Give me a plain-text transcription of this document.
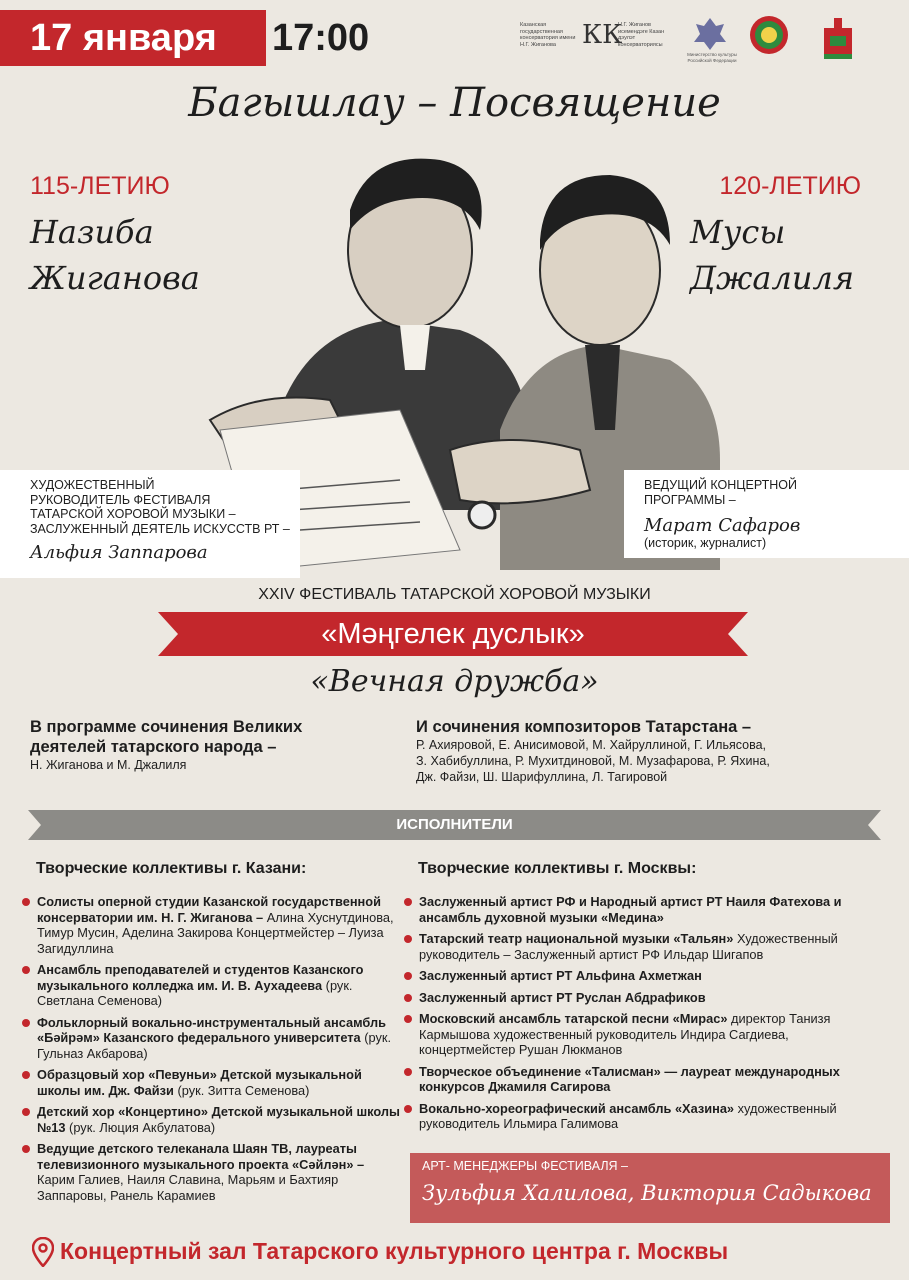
17 января	17:00	Казанская государственная консерватория имени Н.Г. Жиганова	КК
Н.Г. Жиганов исемендэге Казан дэулэт консерваториясы
Министерство культуры Российской Федерации
Багышлау – Посвящение
115-ЛЕТИЮ
Назиба
Жиганова
120-ЛЕТИЮ
Мусы
Джалиля
ХУДОЖЕСТВЕННЫЙ
РУКОВОДИТЕЛЬ ФЕСТИВАЛЯ
ТАТАРСКОЙ ХОРОВОЙ МУЗЫКИ –
ЗАСЛУЖЕННЫЙ ДЕЯТЕЛЬ ИСКУССТВ РТ –
Альфия Заппарова
ВЕДУЩИЙ КОНЦЕРТНОЙ
ПРОГРАММЫ –
Марат Сафаров
(историк, журналист)
XXIV ФЕСТИВАЛЬ ТАТАРСКОЙ ХОРОВОЙ МУЗЫКИ
«Мәңгелек дуслык»
«Вечная дружба»
В программе сочинения Великих
деятелей татарского народа –
Н. Жиганова и М. Джалиля
И сочинения композиторов Татарстана –
Р. Ахияровой, Е. Анисимовой, М. Хайруллиной, Г. Ильясова,
З. Хабибуллина, Р. Мухитдиновой, М. Музафарова, Р. Яхина,
Дж. Файзи, Ш. Шарифуллина, Л. Тагировой
ИСПОЛНИТЕЛИ
Творческие коллективы г. Казани:
Солисты оперной студии Казанской государственной консерватории им. Н. Г. Жиганова – Алина Хуснутдинова, Тимур Мусин, Аделина Закирова Концертмейстер – Луиза Загидуллина
Ансамбль преподавателей и студентов Казанского музыкального колледжа им. И. В. Аухадеева (рук. Светлана Семенова)
Фольклорный вокально-инструментальный ансамбль «Бәйрәм» Казанского федерального университета (рук. Гульназ Акбарова)
Образцовый хор «Певуньи» Детской музыкальной школы им. Дж. Файзи (рук. Зитта Семенова)
Детский хор «Концертино» Детской музыкальной школы №13 (рук. Люция Акбулатова)
Ведущие детского телеканала Шаян ТВ, лауреаты телевизионного музыкального проекта «Сәйлән» – Карим Галиев, Наиля Славина, Марьям и Бахтияр Заппаровы, Ранель Карамиев
Творческие коллективы г. Москвы:
Заслуженный артист РФ и Народный артист РТ Наиля Фатехова и ансамбль духовной музыки «Медина»
Татарский театр национальной музыки «Тальян» Художественный руководитель – Заслуженный артист РФ Ильдар Шигапов
Заслуженный артист РТ Альфина Ахметжан
Заслуженный артист РТ Руслан Абдрафиков
Московский ансамбль татарской песни «Мирас» директор Танизя Кармышова художественный руководитель Индира Сагдиева, концертмейстер Рушан Люкманов
Творческое объединение «Талисман» — лауреат международных конкурсов Джамиля Сагирова
Вокально-хореографический ансамбль «Хазина» художественный руководитель Ильмира Галимова
АРТ- МЕНЕДЖЕРЫ ФЕСТИВАЛЯ –
Зульфия Халилова, Виктория Садыкова
Концертный зал Татарского культурного центра г. Москвы
